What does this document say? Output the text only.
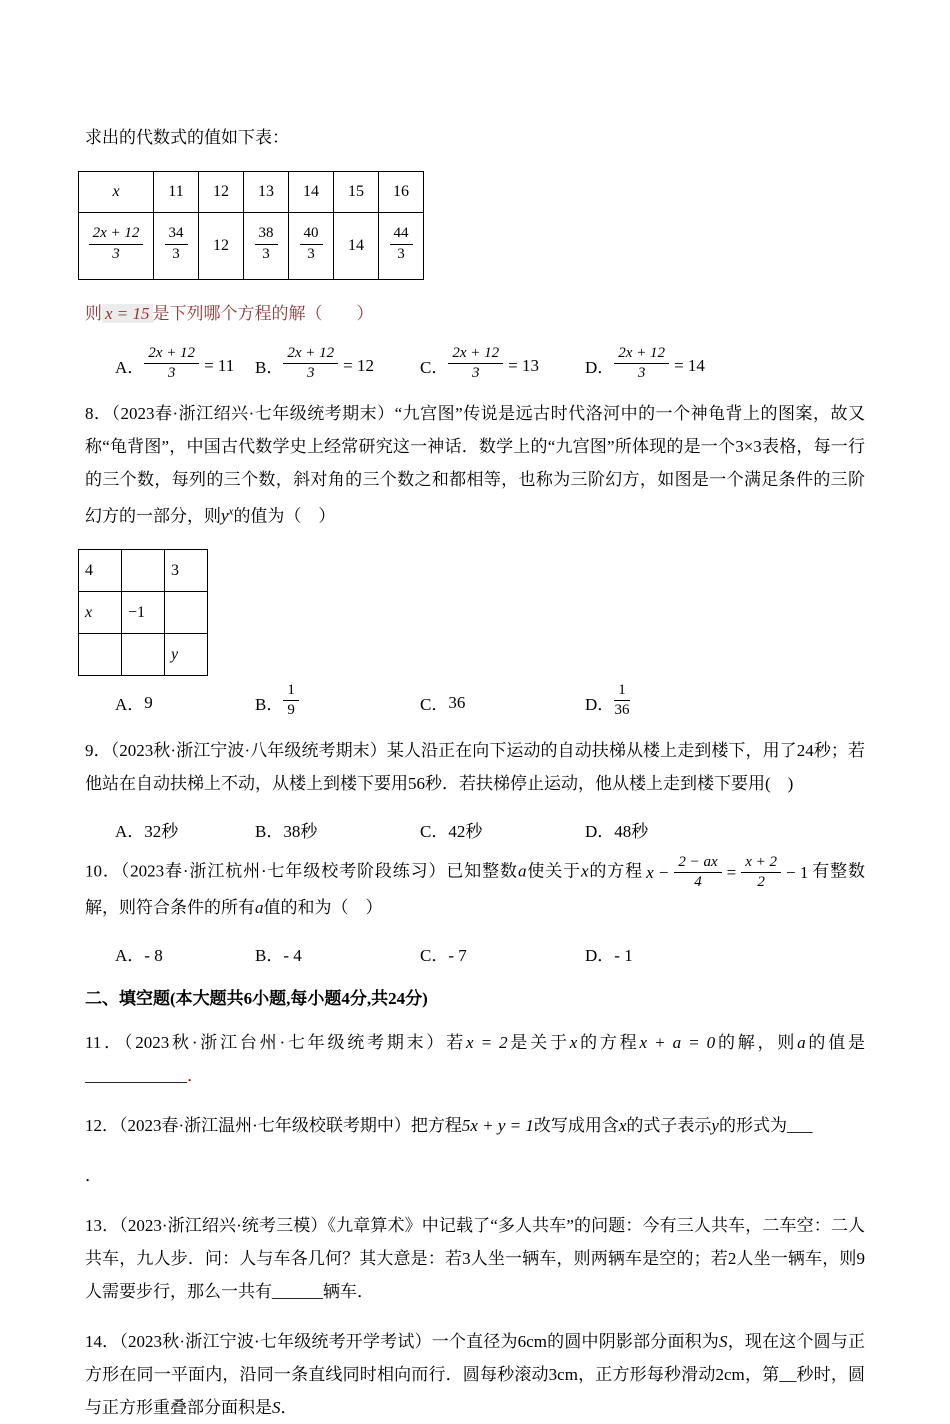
求出的代数式的值如下表：

x	11	12	13	14	15	16

$\frac{2x + 12}{3}$	$\frac{34}{3}$	12	$\frac{38}{3}$	$\frac{40}{3}$	14	$\frac{44}{3}$

则 x = 15 是下列哪个方程的解（　　）

A． $\frac{2x + 12}{3} = 11$ B． $\frac{2x + 12}{3} = 12$	C． $\frac{2x + 12}{3} = 13$	D． $\frac{2x + 12}{3} = 14$

8．（2023春·浙江绍兴·七年级统考期末）“九宫图”传说是远古时代洛河中的一个神龟背上的图案，故又称“龟背图”，中国古代数学史上经常研究这一神话．数学上的“九宫图”所体现的是一个3×3表格，每一行的三个数，每列的三个数，斜对角的三个数之和都相等，也称为三阶幻方，如图是一个满足条件的三阶幻方的一部分，则$y^x$的值为（　）

4		3
x	−1	
		y
A． 9	B． $\frac{1}{9}$	C． 36	D． $\frac{1}{36}$

9．（2023秋·浙江宁波·八年级统考期末）某人沿正在向下运动的自动扶梯从楼上走到楼下，用了24秒；若他站在自动扶梯上不动，从楼上到楼下要用56秒．若扶梯停止运动，他从楼上走到楼下要用(　)

A．32秒	B．38秒	C．42秒	D．48秒

10．（2023春·浙江杭州·七年级校考阶段练习）已知整数a使关于x的方程 $x - \frac{2 - ax}{4} = \frac{x + 2}{2} - 1$ 有整数解，则符合条件的所有a值的和为（　）

A．- 8	B．- 4	C．- 7	D．- 1
二、填空题(本大题共6小题,每小题4分,共24分)

11．（2023秋·浙江台州·七年级统考期末）若x = 2是关于x的方程x + a = 0的解，则a的值是____________．

12．（2023春·浙江温州·七年级校联考期中）把方程5x + y = 1改写成用含x的式子表示y的形式为___

．

13．（2023·浙江绍兴·统考三模）《九章算术》中记载了“多人共车”的问题：今有三人共车，二车空：二人共车，九人步．问：人与车各几何？其大意是：若3人坐一辆车，则两辆车是空的；若2人坐一辆车，则9人需要步行，那么一共有______辆车．

14．（2023秋·浙江宁波·七年级统考开学考试）一个直径为6cm的圆中阴影部分面积为S，现在这个圆与正方形在同一平面内，沿同一条直线同时相向而行．圆每秒滚动3cm，正方形每秒滑动2cm，第__秒时，圆与正方形重叠部分面积是S．
